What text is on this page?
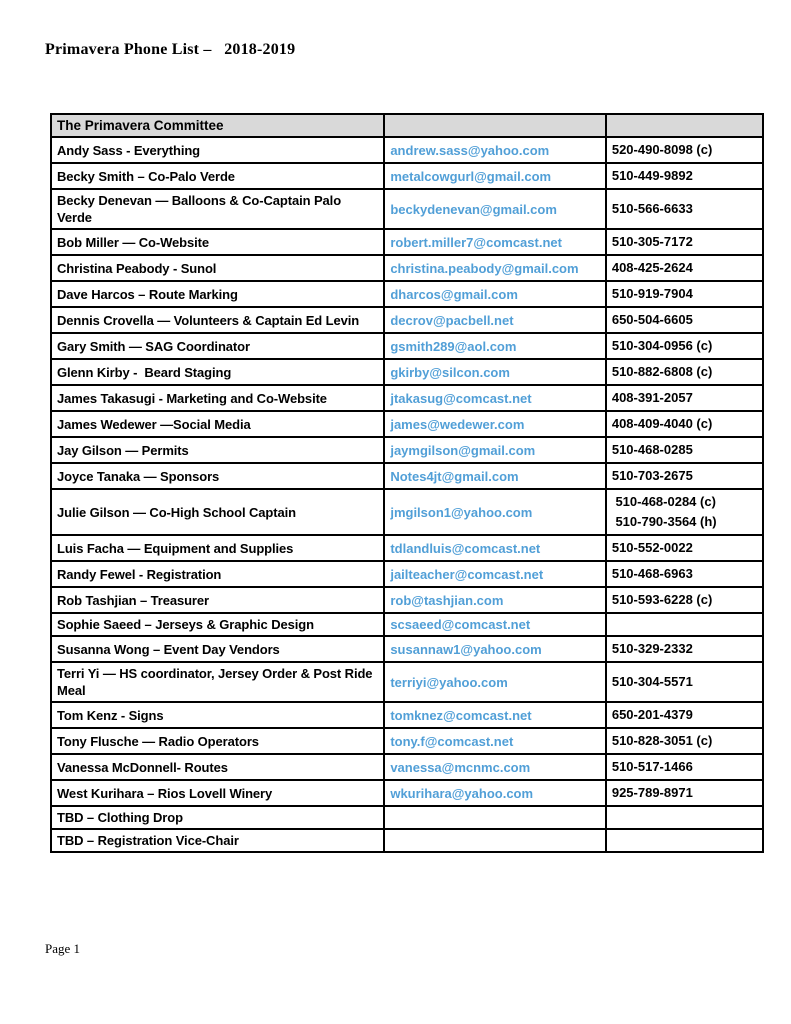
Primavera Phone List –   2018-2019
The Primavera Committee		
Andy Sass - Everything	andrew.sass@yahoo.com	520-490-8098 (c)

Becky Smith – Co-Palo Verde	metalcowgurl@gmail.com	510-449-9892

Becky Denevan — Balloons & Co-Captain Palo Verde	beckydenevan@gmail.com	510-566-6633

Bob Miller — Co-Website	robert.miller7@comcast.net	510-305-7172

Christina Peabody - Sunol	christina.peabody@gmail.com	408-425-2624

Dave Harcos – Route Marking	dharcos@gmail.com	510-919-7904

Dennis Crovella — Volunteers & Captain Ed Levin	decrov@pacbell.net	650-504-6605

Gary Smith — SAG Coordinator	gsmith289@aol.com	510-304-0956 (c)

Glenn Kirby -  Beard Staging	gkirby@silcon.com	510-882-6808 (c)

James Takasugi - Marketing and Co-Website	jtakasug@comcast.net	408-391-2057

James Wedewer —Social Media	james@wedewer.com	408-409-4040 (c)

Jay Gilson — Permits	jaymgilson@gmail.com	510-468-0285

Joyce Tanaka — Sponsors	Notes4jt@gmail.com	510-703-2675

Julie Gilson — Co-High School Captain	jmgilson1@yahoo.com	510-468-0284 (c)
510-790-3564 (h)

Luis Facha — Equipment and Supplies	tdlandluis@comcast.net	510-552-0022

Randy Fewel - Registration	jailteacher@comcast.net	510-468-6963

Rob Tashjian – Treasurer	rob@tashjian.com	510-593-6228 (c)

Sophie Saeed – Jerseys & Graphic Design	scsaeed@comcast.net	
Susanna Wong – Event Day Vendors	susannaw1@yahoo.com	510-329-2332

Terri Yi — HS coordinator, Jersey Order & Post Ride Meal	terriyi@yahoo.com	510-304-5571

Tom Kenz - Signs	tomknez@comcast.net	650-201-4379

Tony Flusche — Radio Operators	tony.f@comcast.net	510-828-3051 (c)

Vanessa McDonnell- Routes	vanessa@mcnmc.com	510-517-1466

West Kurihara – Rios Lovell Winery	wkurihara@yahoo.com	925-789-8971

TBD – Clothing Drop		
TBD – Registration Vice-Chair		
Page 1
